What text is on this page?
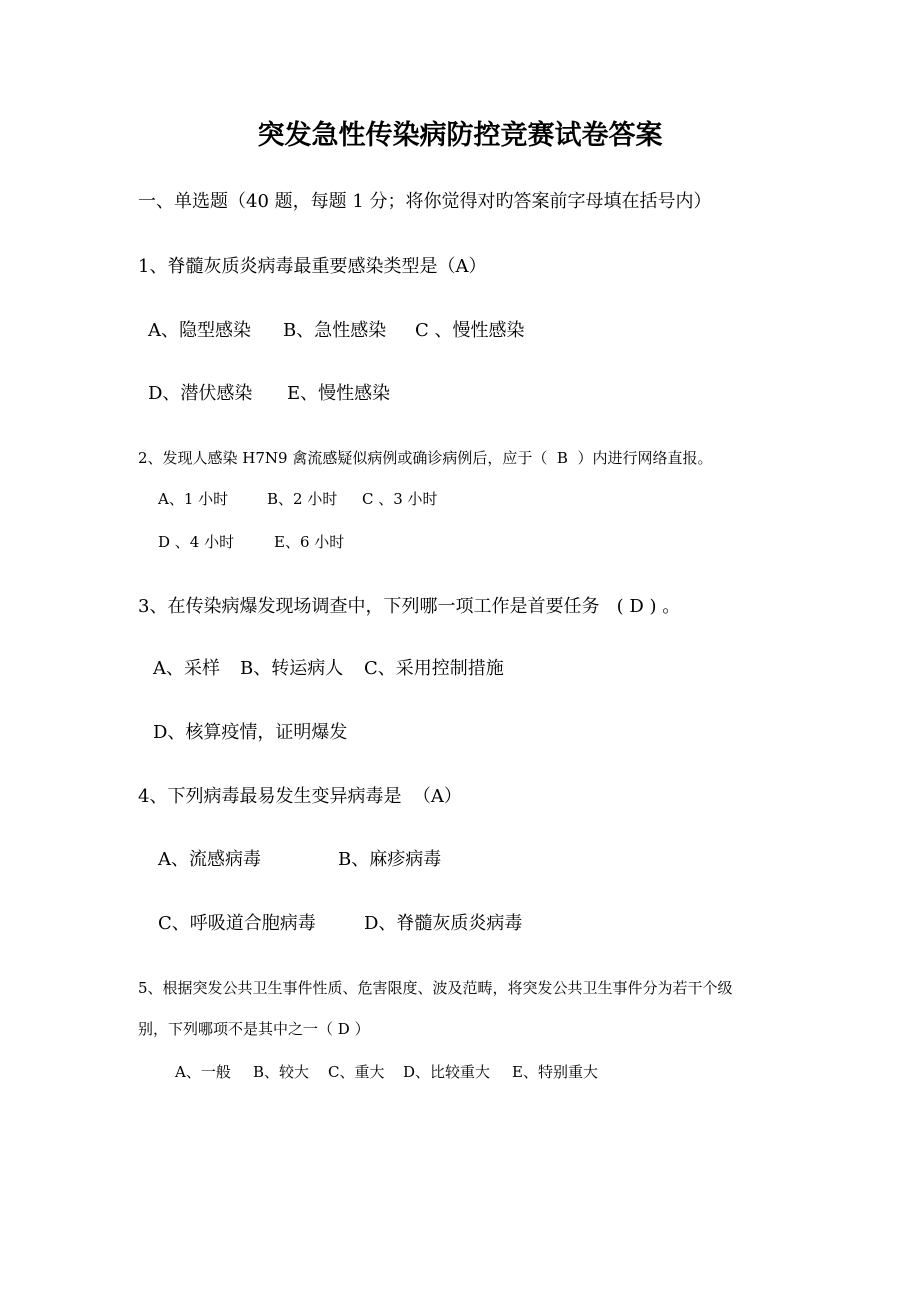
突发急性传染病防控竞赛试卷答案
一、单选题（40 题，每题 1 分；将你觉得对旳答案前字母填在括号内）
1、脊髓灰质炎病毒最重要感染类型是（A）
A、隐型感染 B、急性感染 C 、慢性感染
D、潜伏感染 E、慢性感染
2、发现人感染 H7N9 禽流感疑似病例或确诊病例后，应于（  B  ）内进行网络直报。
A、1 小时	B、2 小时 C 、3 小时
D 、4 小时	E、6 小时
3、在传染病爆发现场调查中，下列哪一项工作是首要任务   ( D ) 。
A、采样 B、转运病人 C、采用控制措施
D、核算疫情，证明爆发
4、下列病毒最易发生变异病毒是  （A）
A、流感病毒	B、麻疹病毒
C、呼吸道合胞病毒	D、脊髓灰质炎病毒
5、根据突发公共卫生事件性质、危害限度、波及范畴，将突发公共卫生事件分为若干个级
别，下列哪项不是其中之一（ D ）
A、一般 B、较大 C、重大 D、比较重大 E、特别重大
